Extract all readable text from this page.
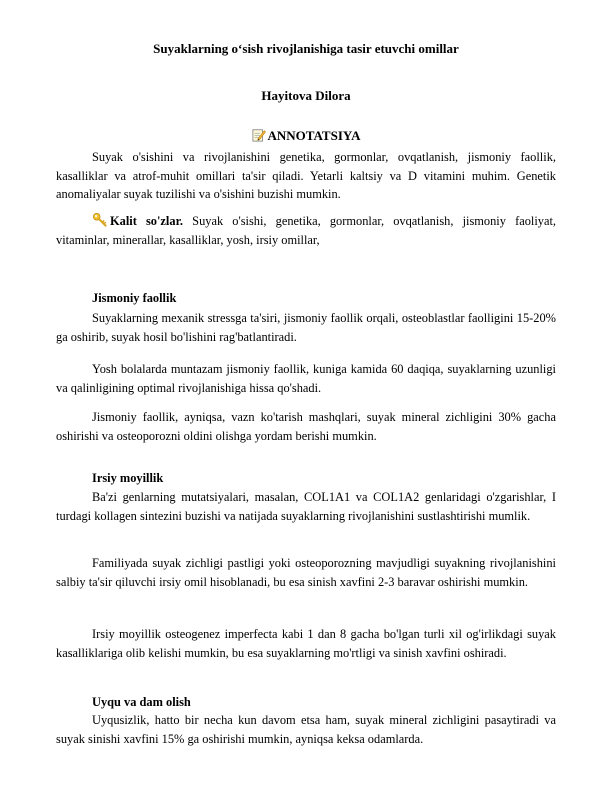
Suyaklarning o‘sish rivojlanishiga tasir etuvchi omillar
Hayitova Dilora
ANNOTATSIYA
Suyak o'sishini va rivojlanishini genetika, gormonlar, ovqatlanish, jismoniy faollik, kasalliklar va atrof-muhit omillari ta'sir qiladi. Yetarli kaltsiy va D vitamini muhim. Genetik anomaliyalar suyak tuzilishi va o'sishini buzishi mumkin.
Kalit so'zlar. Suyak o'sishi, genetika, gormonlar, ovqatlanish, jismoniy faoliyat, vitaminlar, minerallar, kasalliklar, yosh, irsiy omillar,
Jismoniy faollik
Suyaklarning mexanik stressga ta'siri, jismoniy faollik orqali, osteoblastlar faolligini 15-20% ga oshirib, suyak hosil bo'lishini rag'batlantiradi.
Yosh bolalarda muntazam jismoniy faollik, kuniga kamida 60 daqiqa, suyaklarning uzunligi va qalinligining optimal rivojlanishiga hissa qo'shadi.
Jismoniy faollik, ayniqsa, vazn ko'tarish mashqlari, suyak mineral zichligini 30% gacha oshirishi va osteoporozni oldini olishga yordam berishi mumkin.
Irsiy moyillik
Ba'zi genlarning mutatsiyalari, masalan, COL1A1 va COL1A2 genlaridagi o'zgarishlar, I turdagi kollagen sintezini buzishi va natijada suyaklarning rivojlanishini sustlashtirishi mumlik.
Familiyada suyak zichligi pastligi yoki osteoporozning mavjudligi suyakning rivojlanishini salbiy ta'sir qiluvchi irsiy omil hisoblanadi, bu esa sinish xavfini 2-3 baravar oshirishi mumkin.
Irsiy moyillik osteogenez imperfecta kabi 1 dan 8 gacha bo'lgan turli xil og'irlikdagi suyak kasalliklariga olib kelishi mumkin, bu esa suyaklarning mo'rtligi va sinish xavfini oshiradi.
Uyqu va dam olish
Uyqusizlik, hatto bir necha kun davom etsa ham, suyak mineral zichligini pasaytiradi va suyak sinishi xavfini 15% ga oshirishi mumkin, ayniqsa keksa odamlarda.
